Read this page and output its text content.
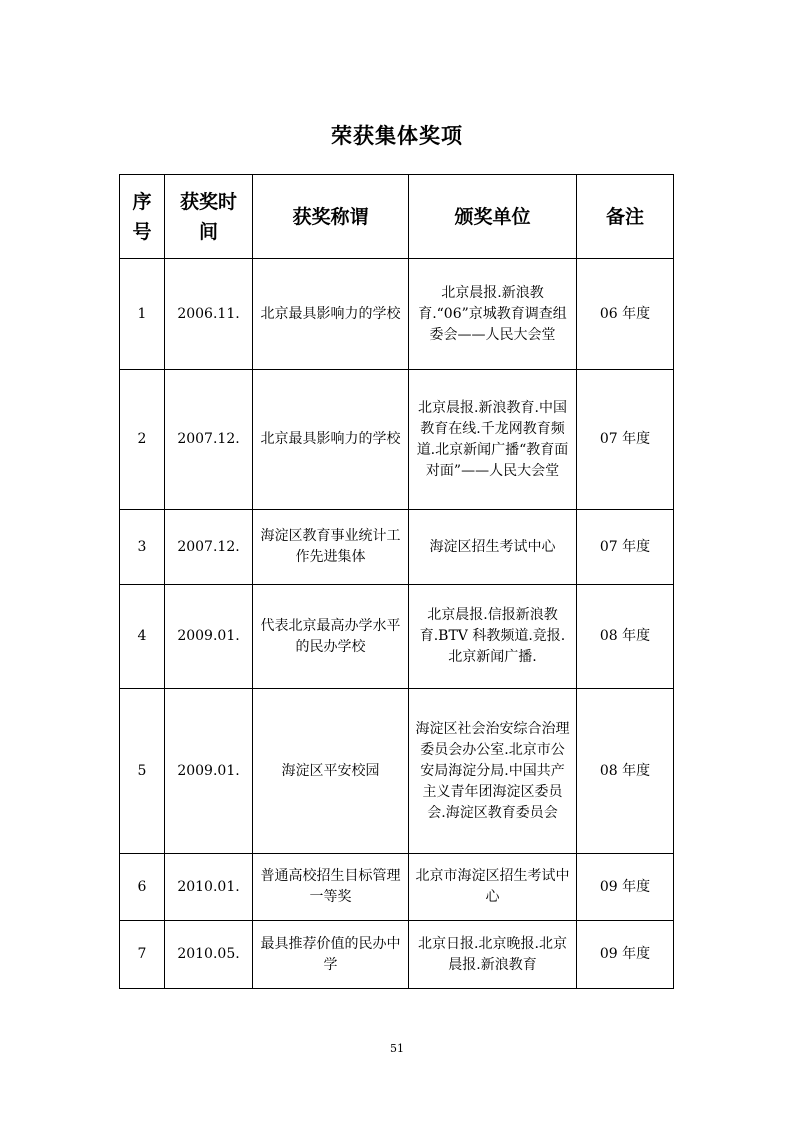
荣获集体奖项
序号	获奖时间	获奖称谓	颁奖单位	备注
1	2006.11.	北京最具影响力的学校	北京晨报.新浪教育.“06”京城教育调查组委会——人民大会堂	06 年度
2	2007.12.	北京最具影响力的学校	北京晨报.新浪教育.中国教育在线.千龙网教育频道.北京新闻广播“教育面对面”——人民大会堂	07 年度
3	2007.12.	海淀区教育事业统计工作先进集体	海淀区招生考试中心	07 年度
4	2009.01.	代表北京最高办学水平的民办学校	北京晨报.信报新浪教育.BTV 科教频道.竞报.北京新闻广播.	08 年度
5	2009.01.	海淀区平安校园	海淀区社会治安综合治理委员会办公室.北京市公安局海淀分局.中国共产主义青年团海淀区委员会.海淀区教育委员会	08 年度
6	2010.01.	普通高校招生目标管理一等奖	北京市海淀区招生考试中心	09 年度
7	2010.05.	最具推荐价值的民办中学	北京日报.北京晚报.北京晨报.新浪教育	09 年度
51
